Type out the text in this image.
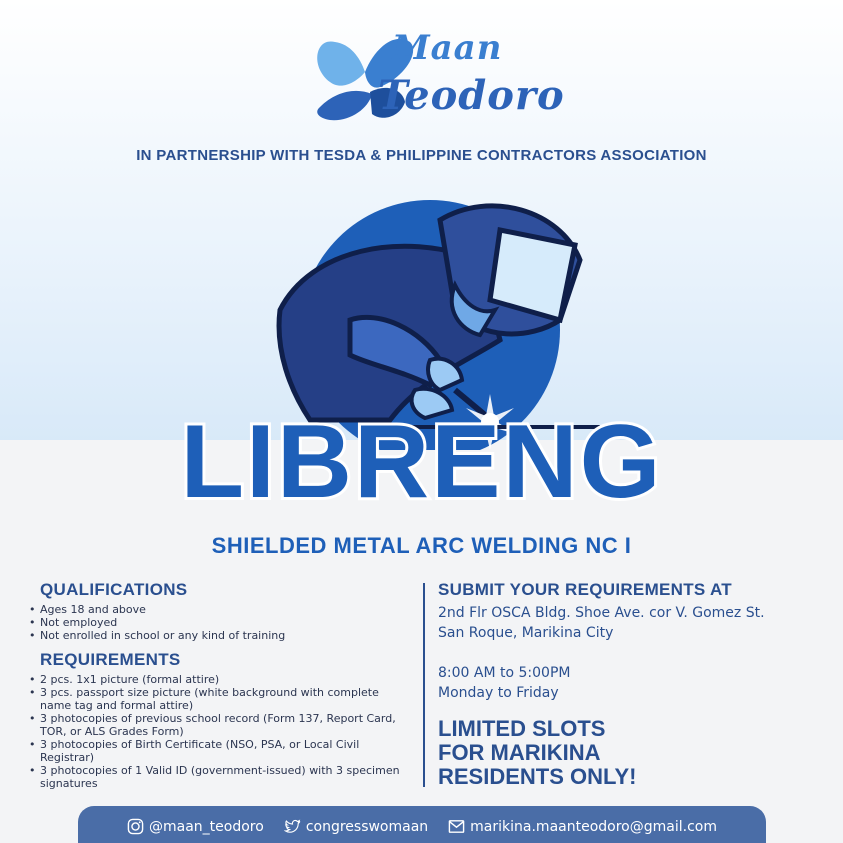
Maan
Teodoro
IN PARTNERSHIP WITH TESDA & PHILIPPINE CONTRACTORS ASSOCIATION
LIBRENG
SHIELDED METAL ARC WELDING NC I
QUALIFICATIONS
• Ages 18 and above
• Not employed
• Not enrolled in school or any kind of training
REQUIREMENTS
• 2 pcs. 1x1 picture (formal attire)
• 3 pcs. passport size picture (white background with complete name tag and formal attire)
• 3 photocopies of previous school record (Form 137, Report Card, TOR, or ALS Grades Form)
• 3 photocopies of Birth Certificate (NSO, PSA, or Local Civil Registrar)
• 3 photocopies of 1 Valid ID (government-issued) with 3 specimen signatures
SUBMIT YOUR REQUIREMENTS AT
2nd Flr OSCA Bldg. Shoe Ave. cor V. Gomez St.
San Roque, Marikina City
8:00 AM to 5:00PM
Monday to Friday
LIMITED SLOTS
FOR MARIKINA
RESIDENTS ONLY!
@maan_teodoro	congresswomaan	marikina.maanteodoro@gmail.com
